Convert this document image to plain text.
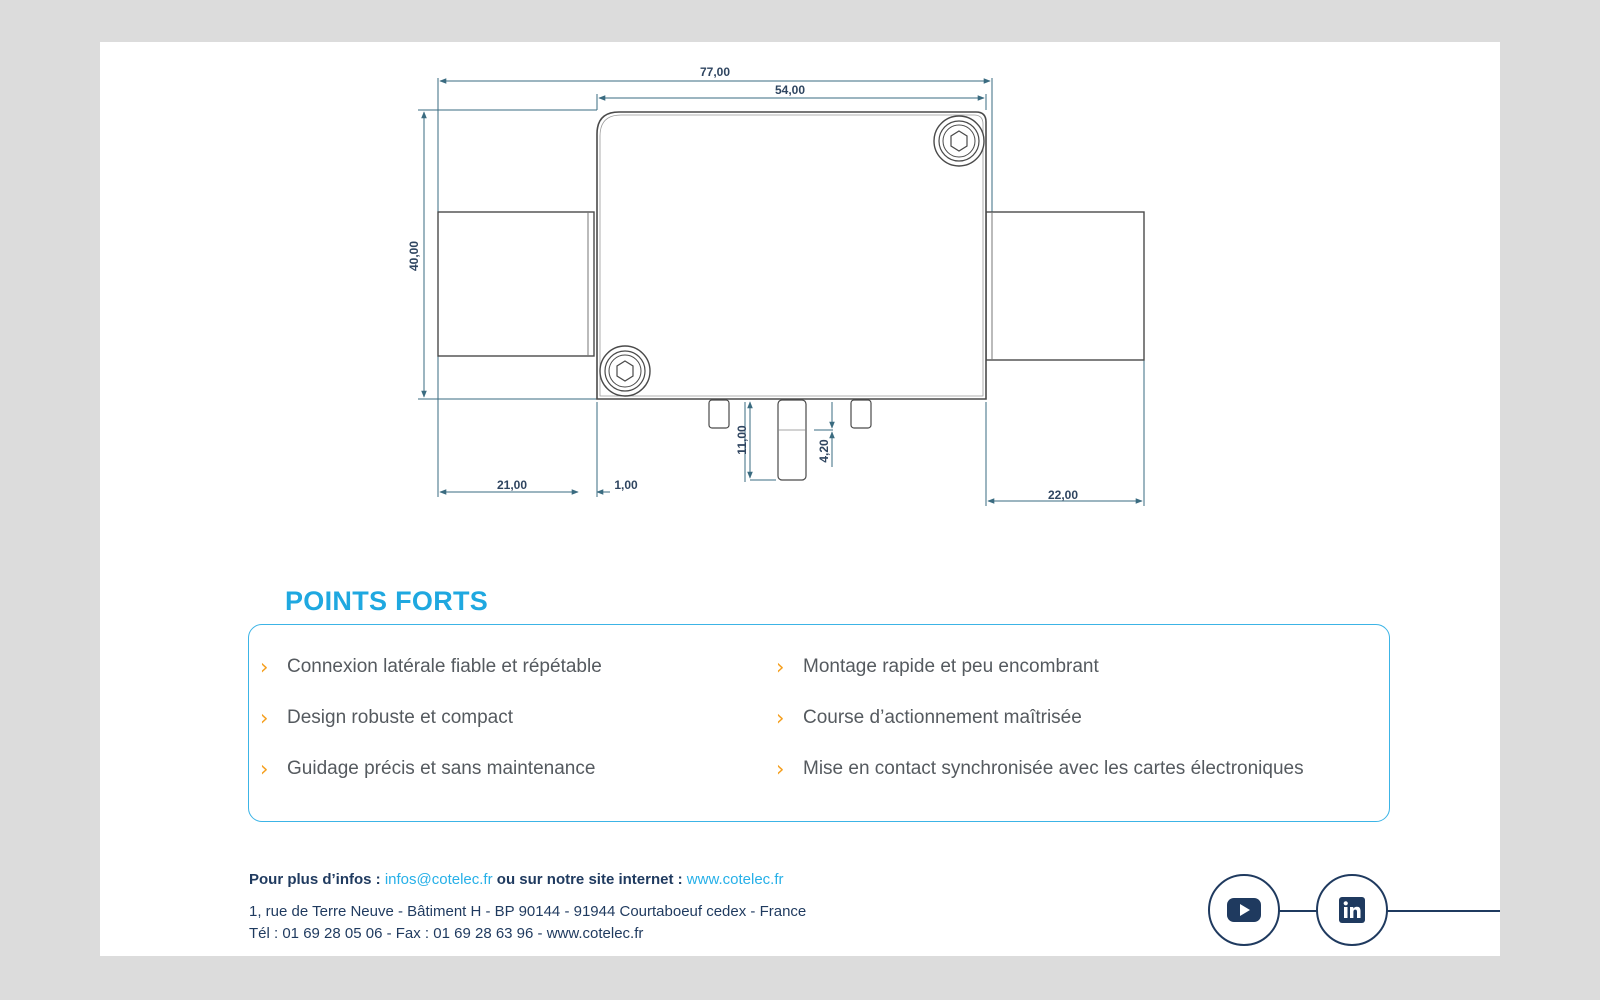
77,00
54,00
40,00
21,00	1,00
22,00
11,00	4,20
POINTS FORTS
› Connexion latérale fiable et répétable
› Design robuste et compact
› Guidage précis et sans maintenance
› Montage rapide et peu encombrant
› Course d’actionnement maîtrisée
› Mise en contact synchronisée avec les cartes électroniques
Pour plus d’infos : infos@cotelec.fr ou sur notre site internet : www.cotelec.fr
1, rue de Terre Neuve - Bâtiment H - BP 90144 - 91944 Courtaboeuf cedex - France
Tél : 01 69 28 05 06 - Fax : 01 69 28 63 96 - www.cotelec.fr
